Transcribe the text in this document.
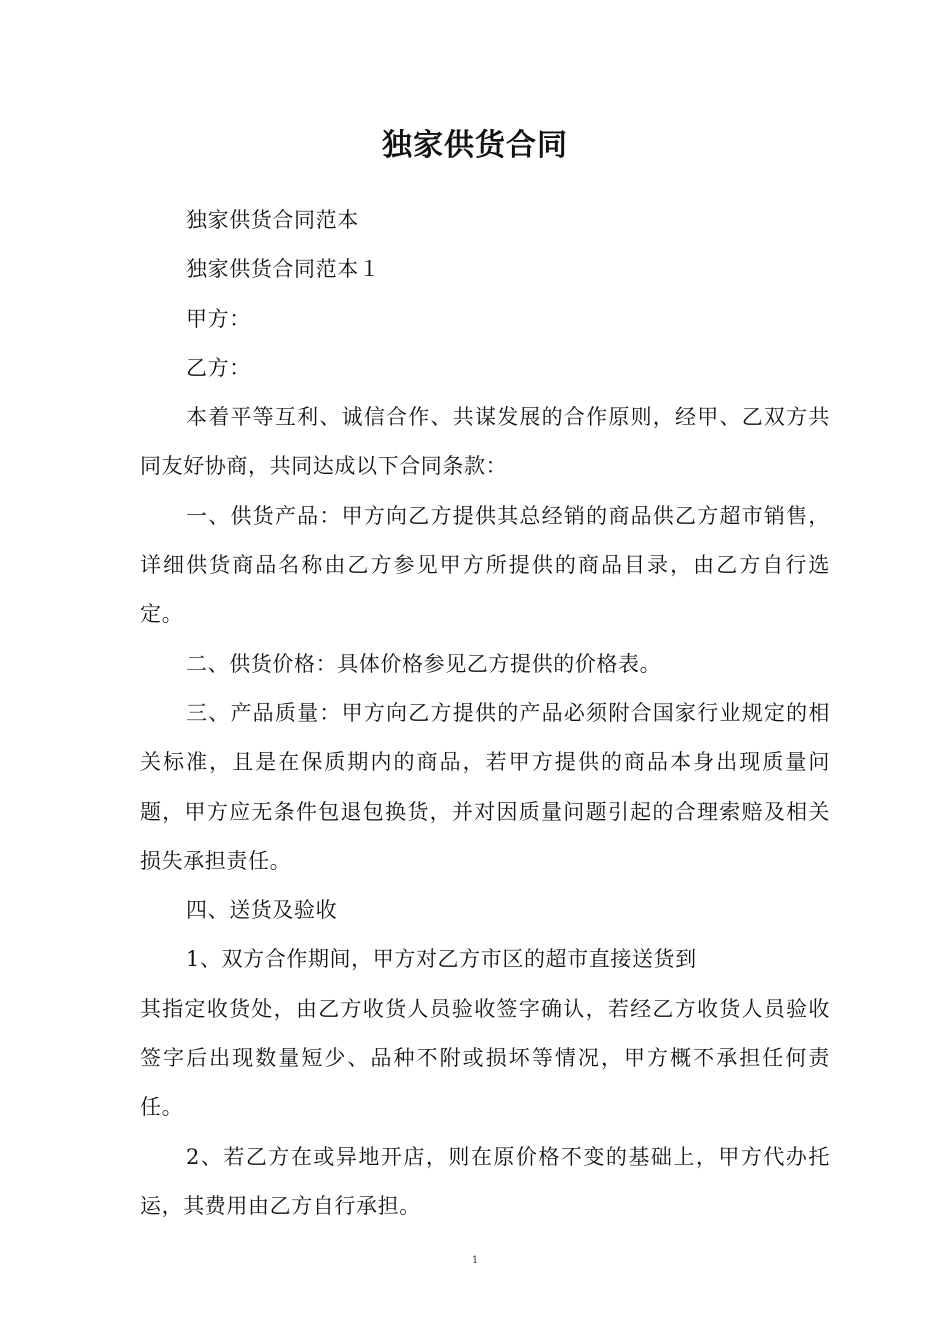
独家供货合同

独家供货合同范本

独家供货合同范本１

甲方：

乙方：

本着平等互利、诚信合作、共谋发展的合作原则，经甲、乙双方共同友好协商，共同达成以下合同条款：

一、供货产品：甲方向乙方提供其总经销的商品供乙方超市销售，详细供货商品名称由乙方参见甲方所提供的商品目录，由乙方自行选定。

二、供货价格：具体价格参见乙方提供的价格表。

三、产品质量：甲方向乙方提供的产品必须附合国家行业规定的相关标准，且是在保质期内的商品，若甲方提供的商品本身出现质量问题，甲方应无条件包退包换货，并对因质量问题引起的合理索赔及相关损失承担责任。

四、送货及验收

1、双方合作期间，甲方对乙方市区的超市直接送货到

其指定收货处，由乙方收货人员验收签字确认，若经乙方收货人员验收签字后出现数量短少、品种不附或损坏等情况，甲方概不承担任何责任。

2、若乙方在或异地开店，则在原价格不变的基础上，甲方代办托运，其费用由乙方自行承担。

1
